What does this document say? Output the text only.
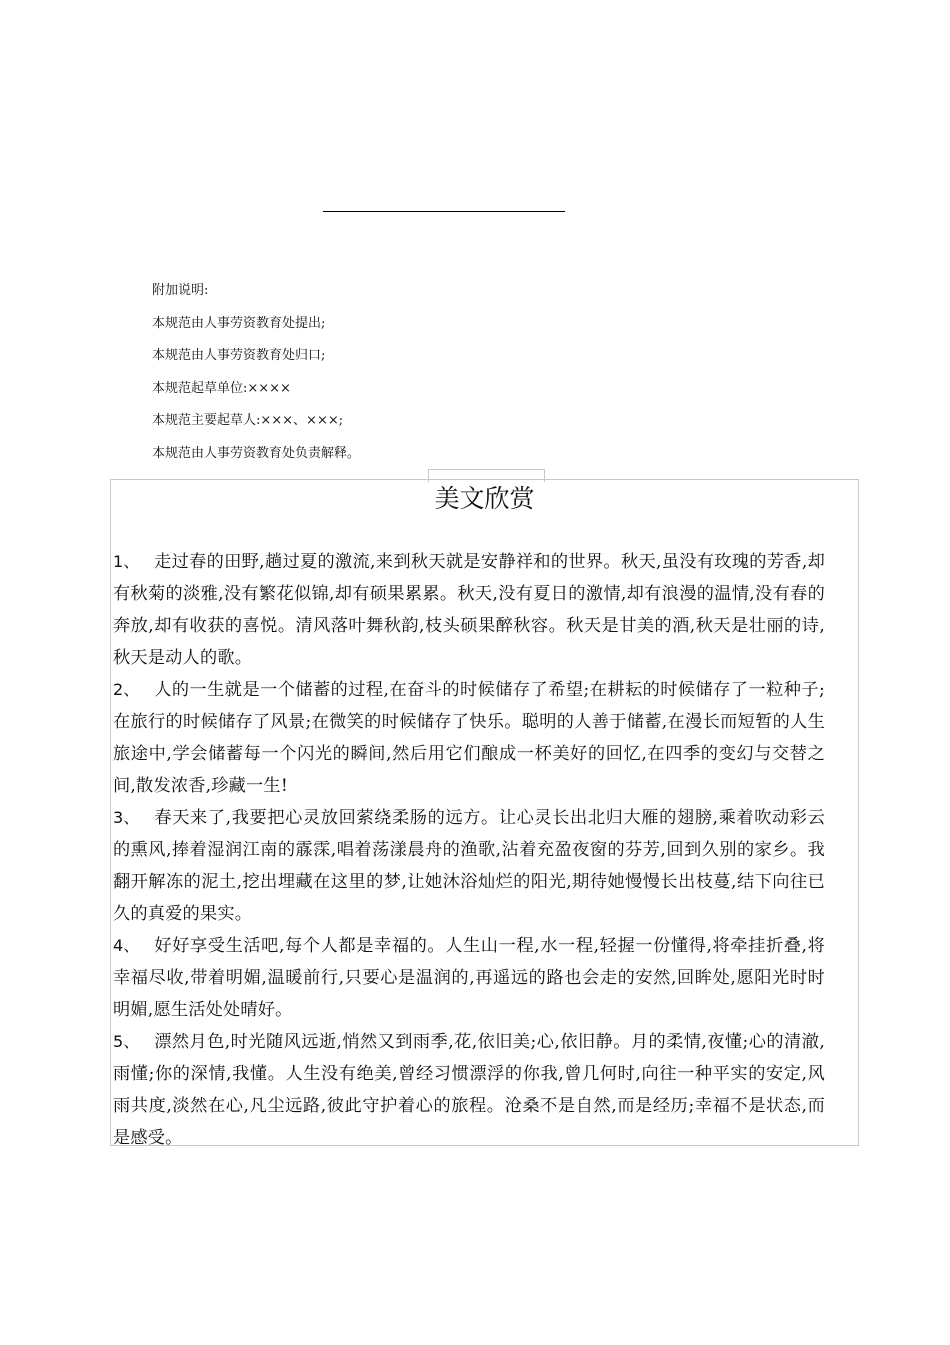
附加说明:
本规范由人事劳资教育处提出;
本规范由人事劳资教育处归口;
本规范起草单位:××××
本规范主要起草人:×××、×××;
本规范由人事劳资教育处负责解释。
美文欣赏

1、 走过春的田野,趟过夏的激流,来到秋天就是安静祥和的世界。秋天,虽没有玫瑰的芳香,却有秋菊的淡雅,没有繁花似锦,却有硕果累累。秋天,没有夏日的激情,却有浪漫的温情,没有春的奔放,却有收获的喜悦。清风落叶舞秋韵,枝头硕果醉秋容。秋天是甘美的酒,秋天是壮丽的诗,秋天是动人的歌。

2、 人的一生就是一个储蓄的过程,在奋斗的时候储存了希望;在耕耘的时候储存了一粒种子;在旅行的时候储存了风景;在微笑的时候储存了快乐。聪明的人善于储蓄,在漫长而短暂的人生旅途中,学会储蓄每一个闪光的瞬间,然后用它们酿成一杯美好的回忆,在四季的变幻与交替之间,散发浓香,珍藏一生!

3、 春天来了,我要把心灵放回萦绕柔肠的远方。让心灵长出北归大雁的翅膀,乘着吹动彩云的熏风,捧着湿润江南的霡霂,唱着荡漾晨舟的渔歌,沾着充盈夜窗的芬芳,回到久别的家乡。我翻开解冻的泥土,挖出埋藏在这里的梦,让她沐浴灿烂的阳光,期待她慢慢长出枝蔓,结下向往已久的真爱的果实。

4、 好好享受生活吧,每个人都是幸福的。人生山一程,水一程,轻握一份懂得,将牵挂折叠,将幸福尽收,带着明媚,温暖前行,只要心是温润的,再遥远的路也会走的安然,回眸处,愿阳光时时明媚,愿生活处处晴好。

5、 漂然月色,时光随风远逝,悄然又到雨季,花,依旧美;心,依旧静。月的柔情,夜懂;心的清澈,雨懂;你的深情,我懂。人生没有绝美,曾经习惯漂浮的你我,曾几何时,向往一种平实的安定,风雨共度,淡然在心,凡尘远路,彼此守护着心的旅程。沧桑不是自然,而是经历;幸福不是状态,而是感受。
